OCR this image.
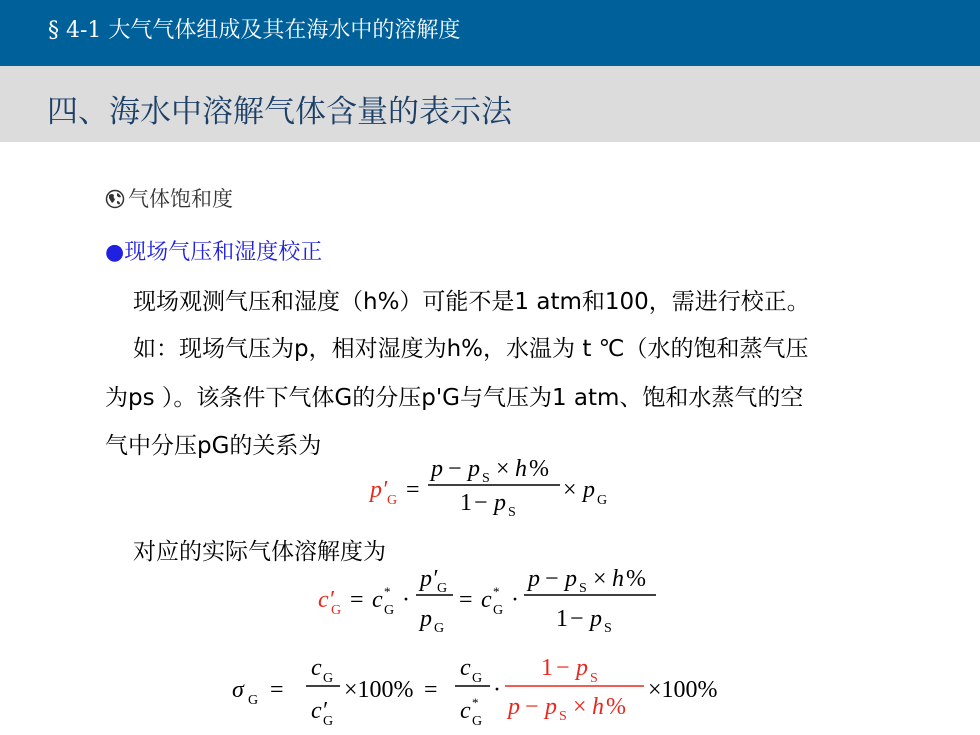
§ 4-1 大气气体组成及其在海水中的溶解度
四、海水中溶解气体含量的表示法
气体饱和度
●现场气压和湿度校正
现场观测气压和湿度（h%）可能不是1 atm和100，需进行校正。
如：现场气压为p，相对湿度为h%，水温为 t ℃（水的饱和蒸气压
为ps ）。该条件下气体G的分压p'G与气压为1 atm、饱和水蒸气的空
气中分压pG的关系为
p′ G =
p − p S × h %
1 − p S
× p G
c′
G = c *
G ·
p′ G
p G
= c *
G ·
p − p S × h %
1 − p S
σ G =
c G
c′
G
×100% =
c G
c *
G
·
1 − p S
p − p S × h %
×100%
对应的实际气体溶解度为
